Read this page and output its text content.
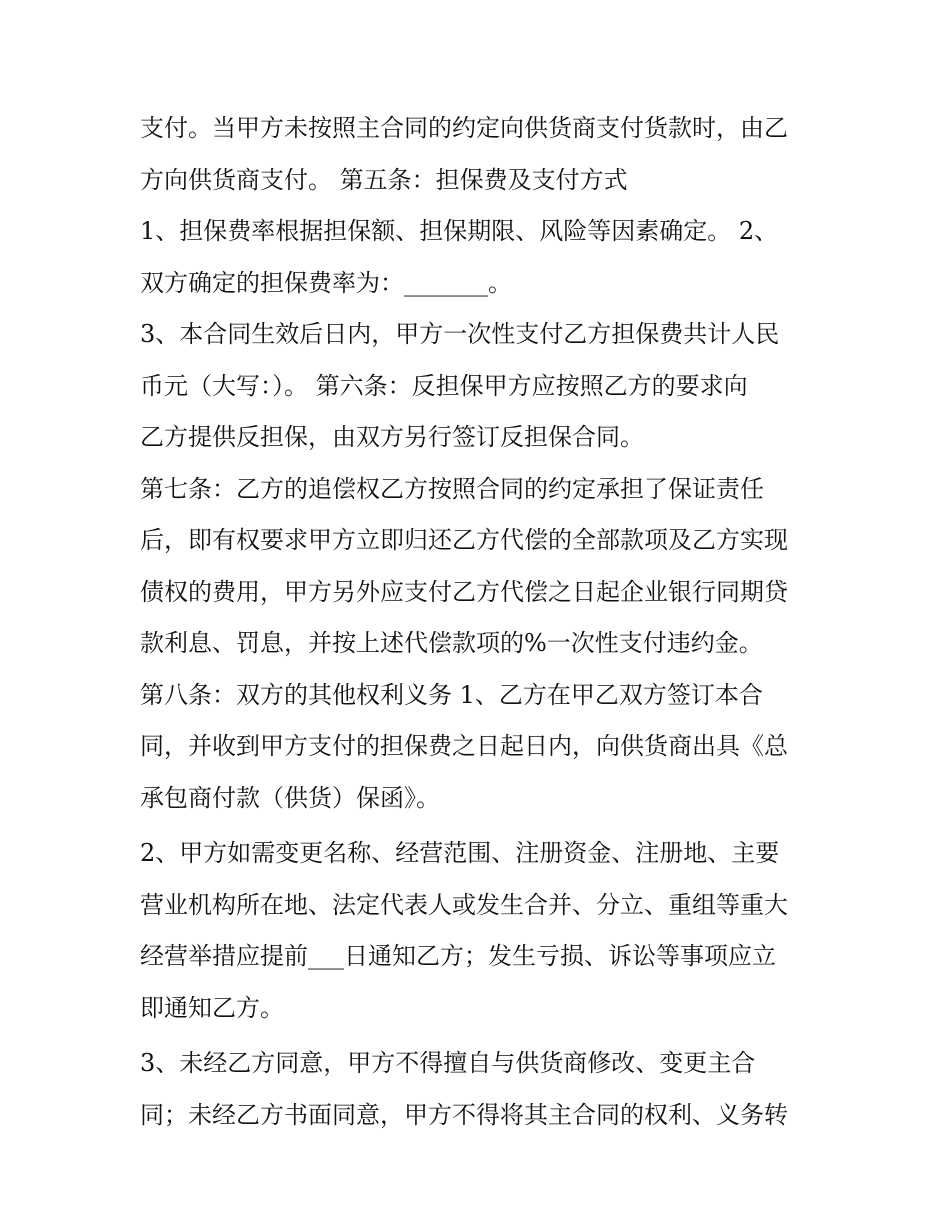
支付。当甲方未按照主合同的约定向供货商支付货款时，由乙
方向供货商支付。 第五条：担保费及支付方式
1、担保费率根据担保额、担保期限、风险等因素确定。 2、
双方确定的担保费率为：_______。
3、本合同生效后日内，甲方一次性支付乙方担保费共计人民
币元（大写：）。 第六条：反担保甲方应按照乙方的要求向
乙方提供反担保，由双方另行签订反担保合同。
第七条：乙方的追偿权乙方按照合同的约定承担了保证责任
后，即有权要求甲方立即归还乙方代偿的全部款项及乙方实现
债权的费用，甲方另外应支付乙方代偿之日起企业银行同期贷
款利息、罚息，并按上述代偿款项的%一次性支付违约金。
第八条：双方的其他权利义务 1、乙方在甲乙双方签订本合
同，并收到甲方支付的担保费之日起日内，向供货商出具《总
承包商付款（供货）保函》。
2、甲方如需变更名称、经营范围、注册资金、注册地、主要
营业机构所在地、法定代表人或发生合并、分立、重组等重大
经营举措应提前___日通知乙方；发生亏损、诉讼等事项应立
即通知乙方。
3、未经乙方同意，甲方不得擅自与供货商修改、变更主合
同；未经乙方书面同意，甲方不得将其主合同的权利、义务转
